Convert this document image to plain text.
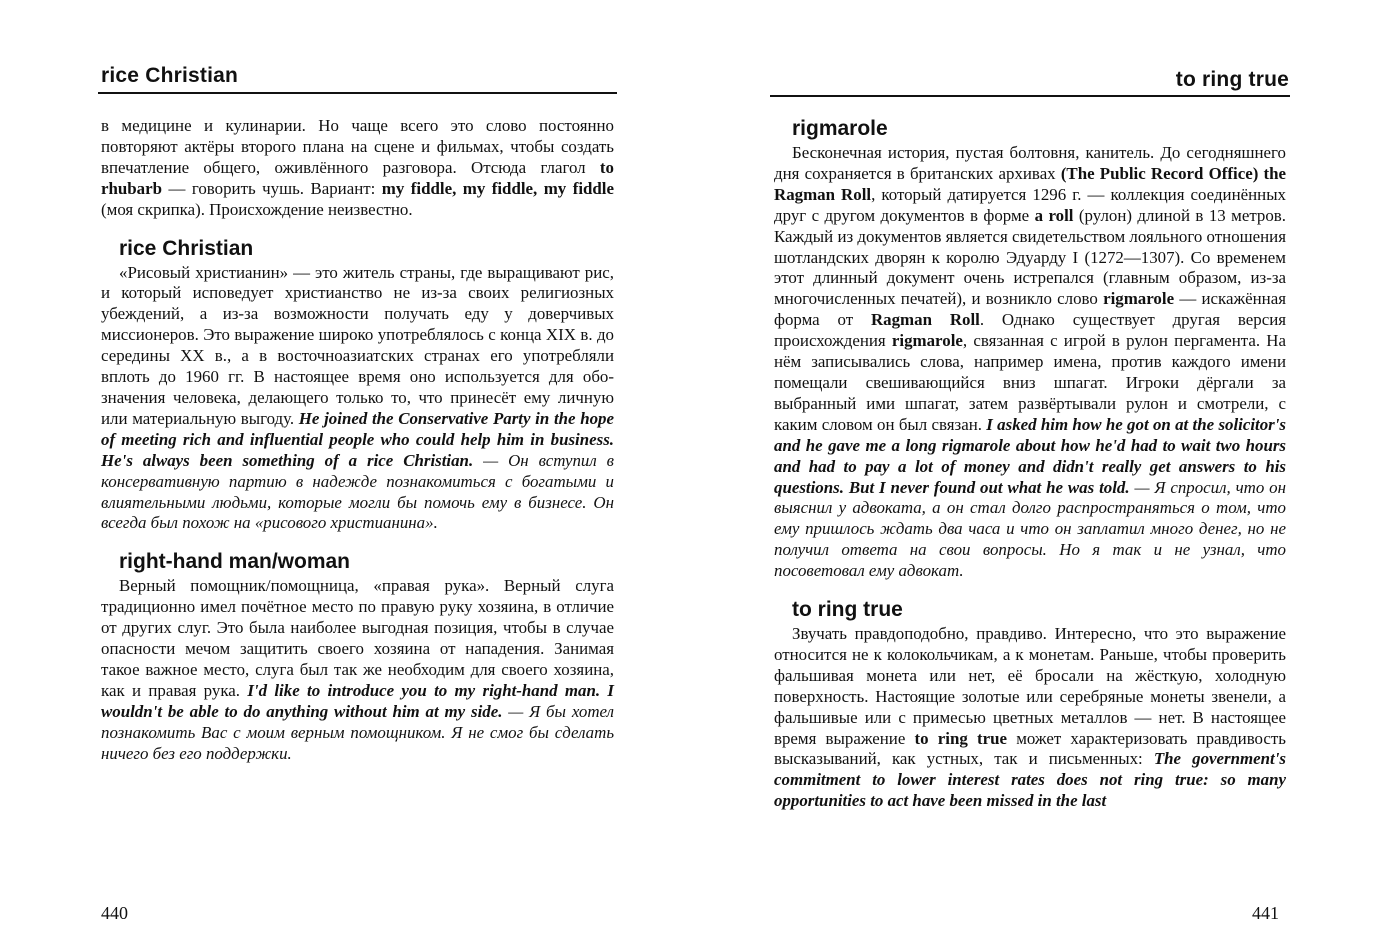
rice Christian

в медицине и кулинарии. Но чаще всего это слово постоянно повторяют актёры второго плана на сцене и фильмах, чтобы создать впечатление общего, оживлённого разговора. Отсюда глагол to rhubarb — говорить чушь. Вариант: my fiddle, my fiddle, my fiddle (моя скрипка). Происхождение неизвестно.

rice Christian

«Рисовый христианин» — это житель страны, где выращивают рис, и который исповедует христианство не из-за своих религиозных убеждений, а из-за возможности получать еду у доверчивых миссионеров. Это выражение широко употреблялось с конца XIX в. до середины XX в., а в восточноазиатских странах его употребляли вплоть до 1960 гг. В настоящее время оно используется для обозначения человека, делающего только то, что принесёт ему личную или материальную выгоду. He joined the Conservative Party in the hope of meeting rich and influential people who could help him in business. He's always been something of a rice Christian. — Он вступил в консервативную партию в надежде познакомиться с богатыми и влиятельными людьми, которые могли бы помочь ему в бизнесе. Он всегда был похож на «рисового христианина».

right-hand man/woman

Верный помощник/помощница, «правая рука». Верный слуга традиционно имел почётное место по правую руку хозяина, в отличие от других слуг. Это была наиболее выгодная позиция, чтобы в случае опасности мечом защитить своего хозяина от нападения. Занимая такое важное место, слуга был так же необходим для своего хозяина, как и правая рука. I'd like to introduce you to my right-hand man. I wouldn't be able to do anything without him at my side. — Я бы хотел познакомить Вас с моим верным помощником. Я не смог бы сделать ничего без его поддержки.

440
to ring true
rigmarole

Бесконечная история, пустая болтовня, канитель. До сегодняшнего дня сохраняется в британских архивах (The Public Record Office) the Ragman Roll, который датируется 1296 г. — коллекция соединённых друг с другом документов в форме a roll (рулон) длиной в 13 метров. Каждый из документов является свидетельством лояльного отношения шотландских дворян к королю Эдуарду I (1272—1307). Со временем этот длинный документ очень истрепался (главным образом, из-за многочисленных печатей), и возникло слово rigmarole — искажённая форма от Ragman Roll. Однако существует другая версия происхождения rigmarole, связанная с игрой в рулон пергамента. На нём записывались слова, например имена, против каждого имени помещали свешивающийся вниз шпагат. Игроки дёргали за выбранный ими шпагат, затем развёртывали рулон и смотрели, с каким словом он был связан. I asked him how he got on at the solicitor's and he gave me a long rigmarole about how he'd had to wait two hours and had to pay a lot of money and didn't really get answers to his questions. But I never found out what he was told. — Я спросил, что он выяснил у адвоката, а он стал долго распространяться о том, что ему пришлось ждать два часа и что он заплатил много денег, но не получил ответа на свои вопросы. Но я так и не узнал, что посоветовал ему адвокат.

to ring true

Звучать правдоподобно, правдиво. Интересно, что это выражение относится не к колокольчикам, а к монетам. Раньше, чтобы проверить фальшивая монета или нет, её бросали на жёсткую, холодную поверхность. Настоящие золотые или серебряные монеты звенели, а фальшивые или с примесью цветных металлов — нет. В настоящее время выражение to ring true может характеризовать правдивость высказываний, как устных, так и письменных: The government's commitment to lower interest rates does not ring true: so many opportunities to act have been missed in the last

441
